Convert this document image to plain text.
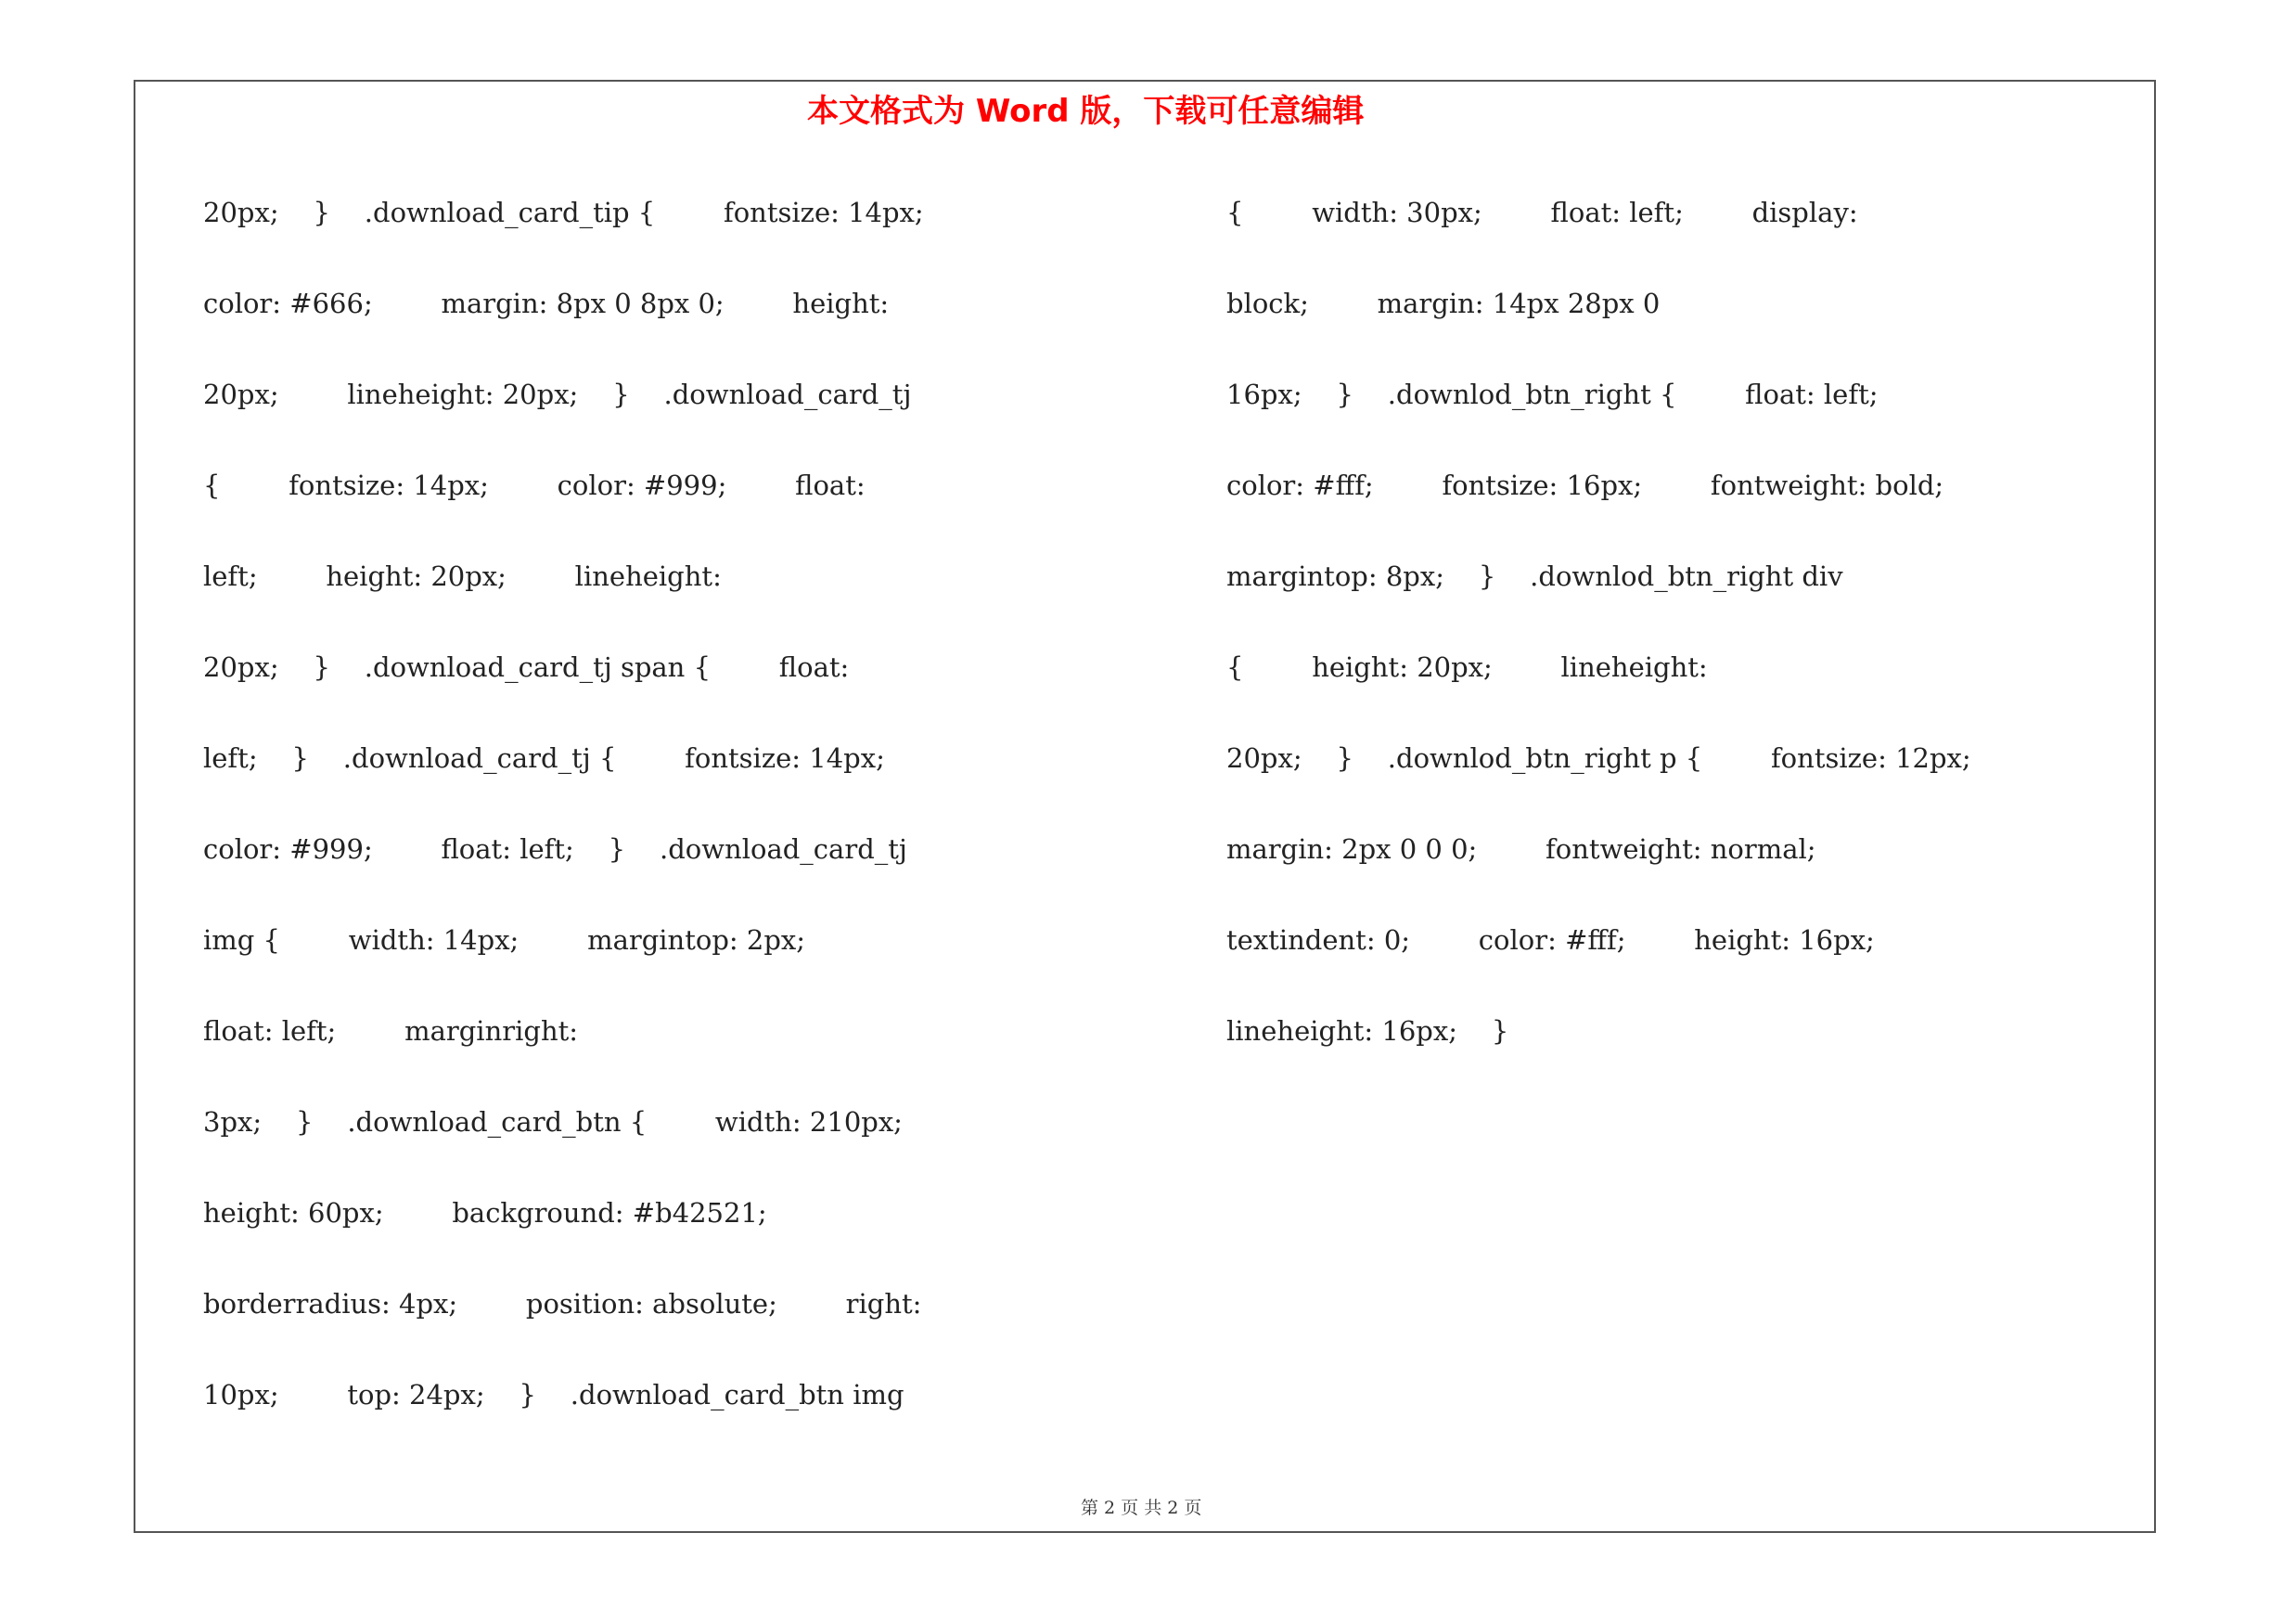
本文格式为 Word 版，下载可任意编辑
20px;    }    .download_card_tip {        fontsize: 14px;
color: #666;        margin: 8px 0 8px 0;        height:
20px;        lineheight: 20px;    }    .download_card_tj
{        fontsize: 14px;        color: #999;        float:
left;        height: 20px;        lineheight:
20px;    }    .download_card_tj span {        float:
left;    }    .download_card_tj {        fontsize: 14px;
color: #999;        float: left;    }    .download_card_tj
img {        width: 14px;        margintop: 2px;
float: left;        marginright:
3px;    }    .download_card_btn {        width: 210px;
height: 60px;        background: #b42521;
borderradius: 4px;        position: absolute;        right:
10px;        top: 24px;    }    .download_card_btn img
{        width: 30px;        float: left;        display:
block;        margin: 14px 28px 0
16px;    }    .downlod_btn_right {        float: left;
color: #fff;        fontsize: 16px;        fontweight: bold;
margintop: 8px;    }    .downlod_btn_right div
{        height: 20px;        lineheight:
20px;    }    .downlod_btn_right p {        fontsize: 12px;
margin: 2px 0 0 0;        fontweight: normal;
textindent: 0;        color: #fff;        height: 16px;
lineheight: 16px;    }
第 2 页 共 2 页
